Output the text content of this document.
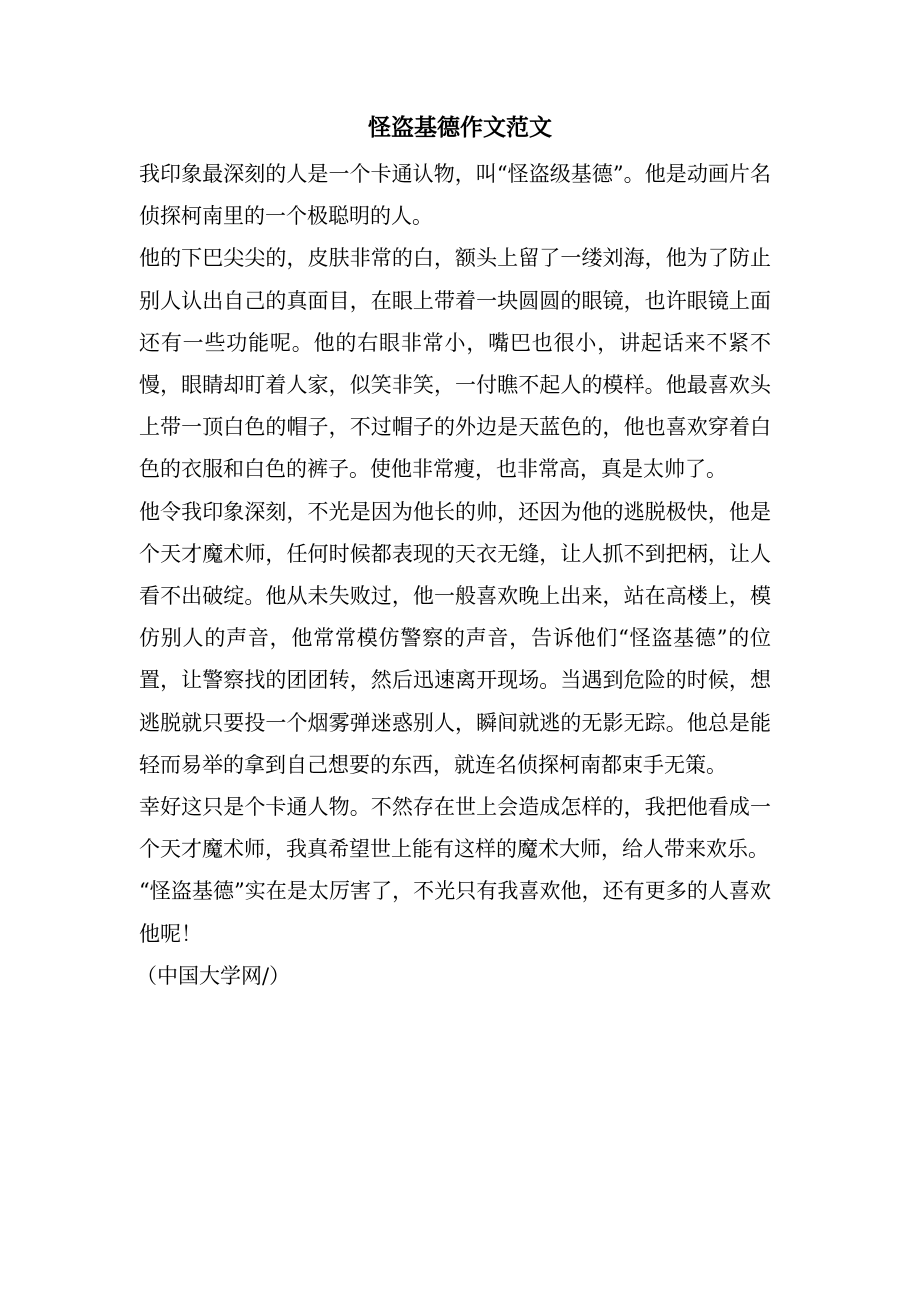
怪盗基德作文范文

我印象最深刻的人是一个卡通认物，叫“怪盗级基德”。他是动画片名侦探柯南里的一个极聪明的人。

他的下巴尖尖的，皮肤非常的白，额头上留了一缕刘海，他为了防止别人认出自己的真面目，在眼上带着一块圆圆的眼镜，也许眼镜上面还有一些功能呢。他的右眼非常小，嘴巴也很小，讲起话来不紧不慢，眼睛却盯着人家，似笑非笑，一付瞧不起人的模样。他最喜欢头上带一顶白色的帽子，不过帽子的外边是天蓝色的，他也喜欢穿着白色的衣服和白色的裤子。使他非常瘦，也非常高，真是太帅了。

他令我印象深刻，不光是因为他长的帅，还因为他的逃脱极快，他是个天才魔术师，任何时候都表现的天衣无缝，让人抓不到把柄，让人看不出破绽。他从未失败过，他一般喜欢晚上出来，站在高楼上，模仿别人的声音，他常常模仿警察的声音，告诉他们“怪盗基德”的位置，让警察找的团团转，然后迅速离开现场。当遇到危险的时候，想逃脱就只要投一个烟雾弹迷惑别人，瞬间就逃的无影无踪。他总是能轻而易举的拿到自己想要的东西，就连名侦探柯南都束手无策。

幸好这只是个卡通人物。不然存在世上会造成怎样的，我把他看成一个天才魔术师，我真希望世上能有这样的魔术大师，给人带来欢乐。

“怪盗基德”实在是太厉害了，不光只有我喜欢他，还有更多的人喜欢他呢！

（中国大学网/）
